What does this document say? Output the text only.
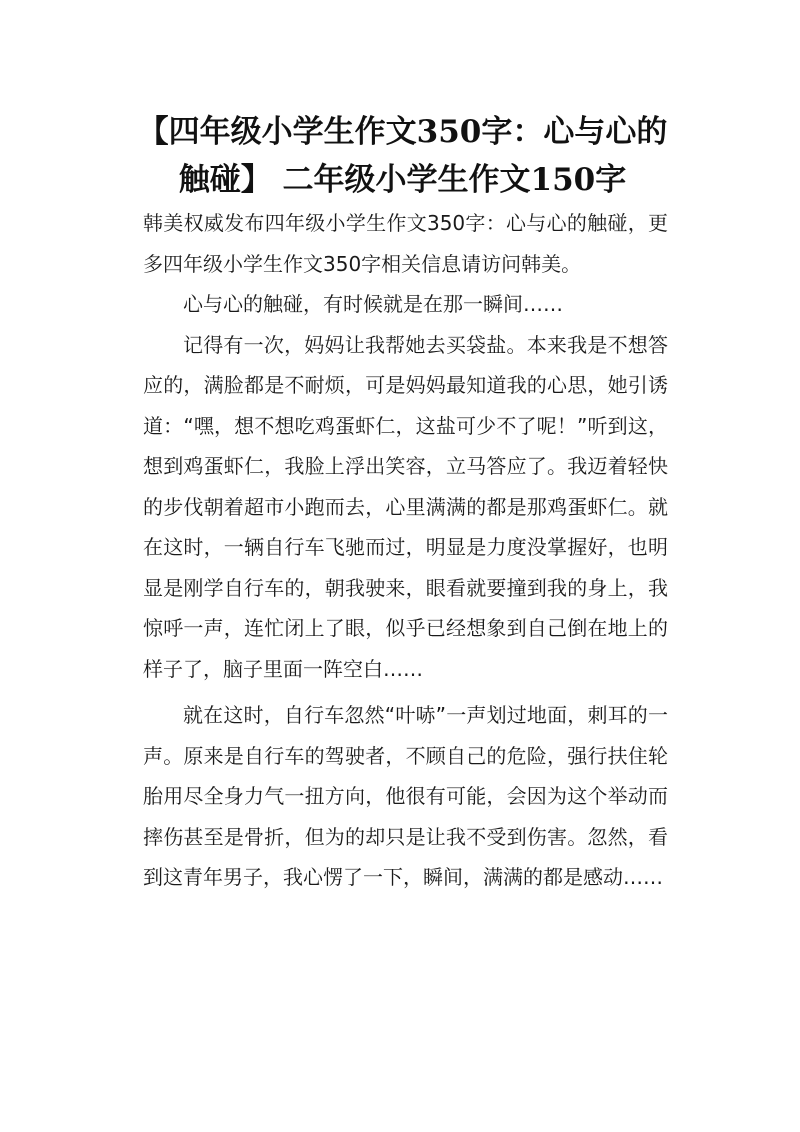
【四年级小学生作文350字：心与心的触碰】 二年级小学生作文150字

韩美权威发布四年级小学生作文350字：心与心的触碰，更多四年级小学生作文350字相关信息请访问韩美。

心与心的触碰，有时候就是在那一瞬间……

记得有一次，妈妈让我帮她去买袋盐。本来我是不想答应的，满脸都是不耐烦，可是妈妈最知道我的心思，她引诱道：“嘿，想不想吃鸡蛋虾仁，这盐可少不了呢！”听到这，想到鸡蛋虾仁，我脸上浮出笑容，立马答应了。我迈着轻快的步伐朝着超市小跑而去，心里满满的都是那鸡蛋虾仁。就在这时，一辆自行车飞驰而过，明显是力度没掌握好，也明显是刚学自行车的，朝我驶来，眼看就要撞到我的身上，我惊呼一声，连忙闭上了眼，似乎已经想象到自己倒在地上的样子了，脑子里面一阵空白……

就在这时，自行车忽然“叶哧”一声划过地面，刺耳的一声。原来是自行车的驾驶者，不顾自己的危险，强行扶住轮胎用尽全身力气一扭方向，他很有可能，会因为这个举动而摔伤甚至是骨折，但为的却只是让我不受到伤害。忽然，看到这青年男子，我心愣了一下，瞬间，满满的都是感动……
